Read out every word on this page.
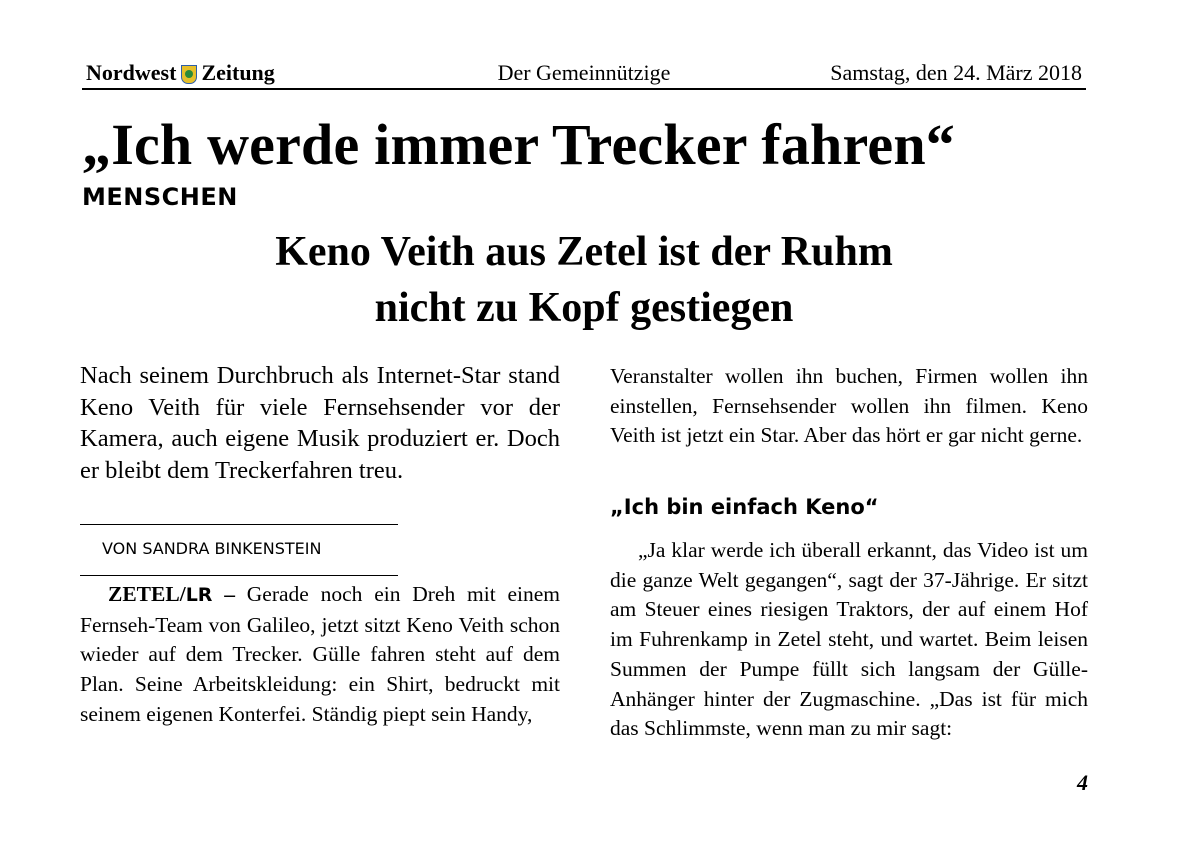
Nordwest Zeitung	Der Gemeinnützige	Samstag, den 24. März 2018
„Ich werde immer Trecker fahren“
MENSCHEN
Keno Veith aus Zetel ist der Ruhm
nicht zu Kopf gestiegen

Nach seinem Durchbruch als Internet-Star stand Keno Veith für viele Fernsehsender vor der Kamera, auch eigene Musik produziert er. Doch er bleibt dem Treckerfahren treu.

VON SANDRA BINKENSTEIN

ZETEL/LR – Gerade noch ein Dreh mit einem Fernseh-Team von Galileo, jetzt sitzt Keno Veith schon wieder auf dem Trecker. Gülle fahren steht auf dem Plan. Seine Arbeitskleidung: ein Shirt, bedruckt mit seinem eigenen Konterfei. Ständig piept sein Handy,

Veranstalter wollen ihn buchen, Firmen wollen ihn einstellen, Fernsehsender wollen ihn filmen. Keno Veith ist jetzt ein Star. Aber das hört er gar nicht gerne.

„Ich bin einfach Keno“

„Ja klar werde ich überall erkannt, das Video ist um die ganze Welt gegangen“, sagt der 37-Jährige. Er sitzt am Steuer eines riesigen Traktors, der auf einem Hof im Fuhrenkamp in Zetel steht, und wartet. Beim leisen Summen der Pumpe füllt sich langsam der Gülle-Anhänger hinter der Zugmaschine. „Das ist für mich das Schlimmste, wenn man zu mir sagt:

4
